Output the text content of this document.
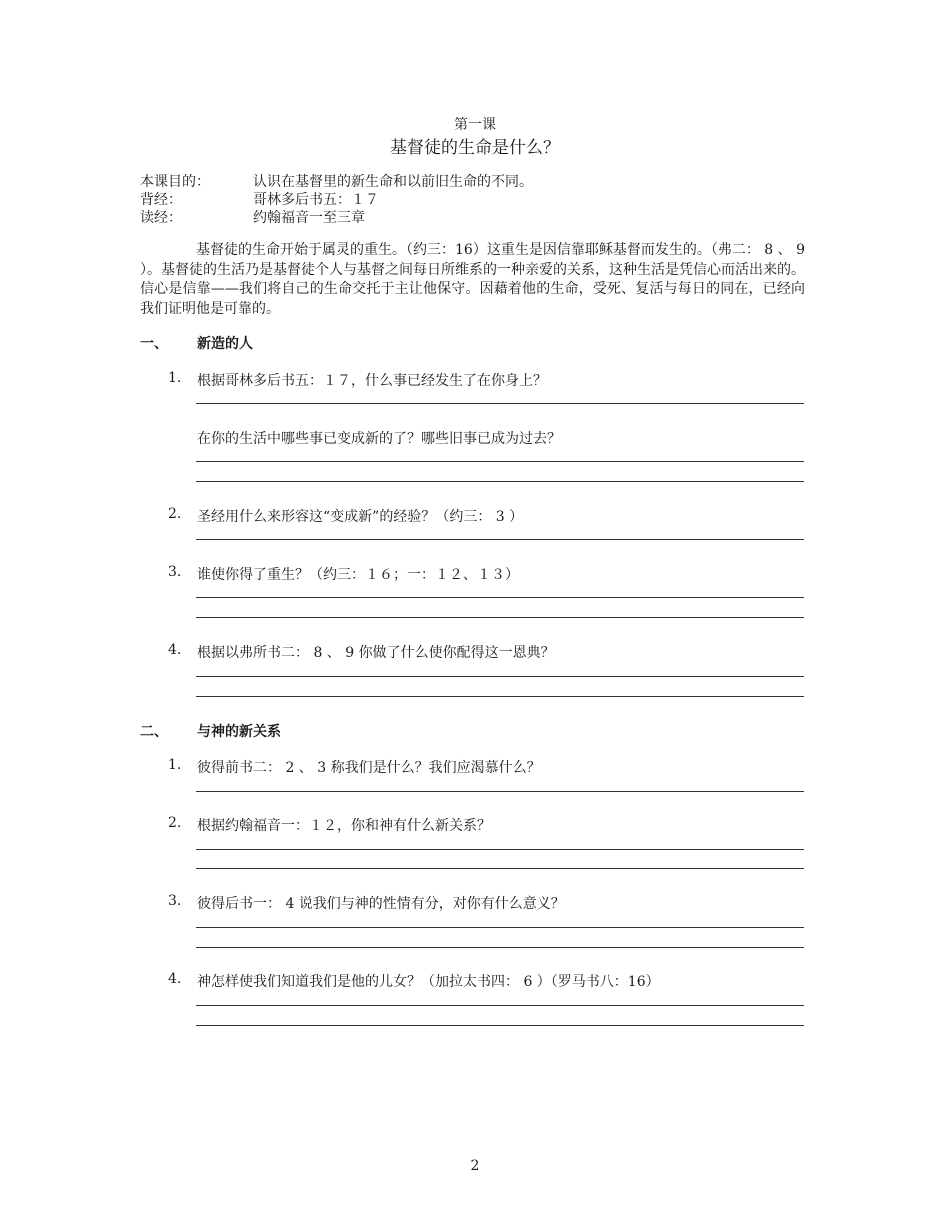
第一课
基督徒的生命是什么？
本课目的：	认识在基督里的新生命和以前旧生命的不同。
背经：	哥林多后书五：１７
读经：	约翰福音一至三章

基督徒的生命开始于属灵的重生。（约三：16）这重生是因信靠耶稣基督而发生的。（弗二： 8 、 9 ）。基督徒的生活乃是基督徒个人与基督之间每日所维系的一种亲爱的关系，这种生活是凭信心而活出来的。信心是信靠——我们将自己的生命交托于主让他保守。因藉着他的生命，受死、复活与每日的同在，已经向我们证明他是可靠的。

一、 新造的人
1. 根据哥林多后书五：１７，什么事已经发生了在你身上？
在你的生活中哪些事已变成新的了？哪些旧事已成为过去？
2. 圣经用什么来形容这“变成新”的经验？（约三： 3 ）
3. 谁使你得了重生？（约三：１６；一：１２、１３）
4. 根据以弗所书二： 8 、 9 你做了什么使你配得这一恩典？
二、 与神的新关系
1. 彼得前书二： 2 、 3 称我们是什么？我们应渴慕什么？
2. 根据约翰福音一：１２，你和神有什么新关系？
3. 彼得后书一： 4 说我们与神的性情有分，对你有什么意义？
4. 神怎样使我们知道我们是他的儿女？（加拉太书四： 6 ）（罗马书八：16）
2
